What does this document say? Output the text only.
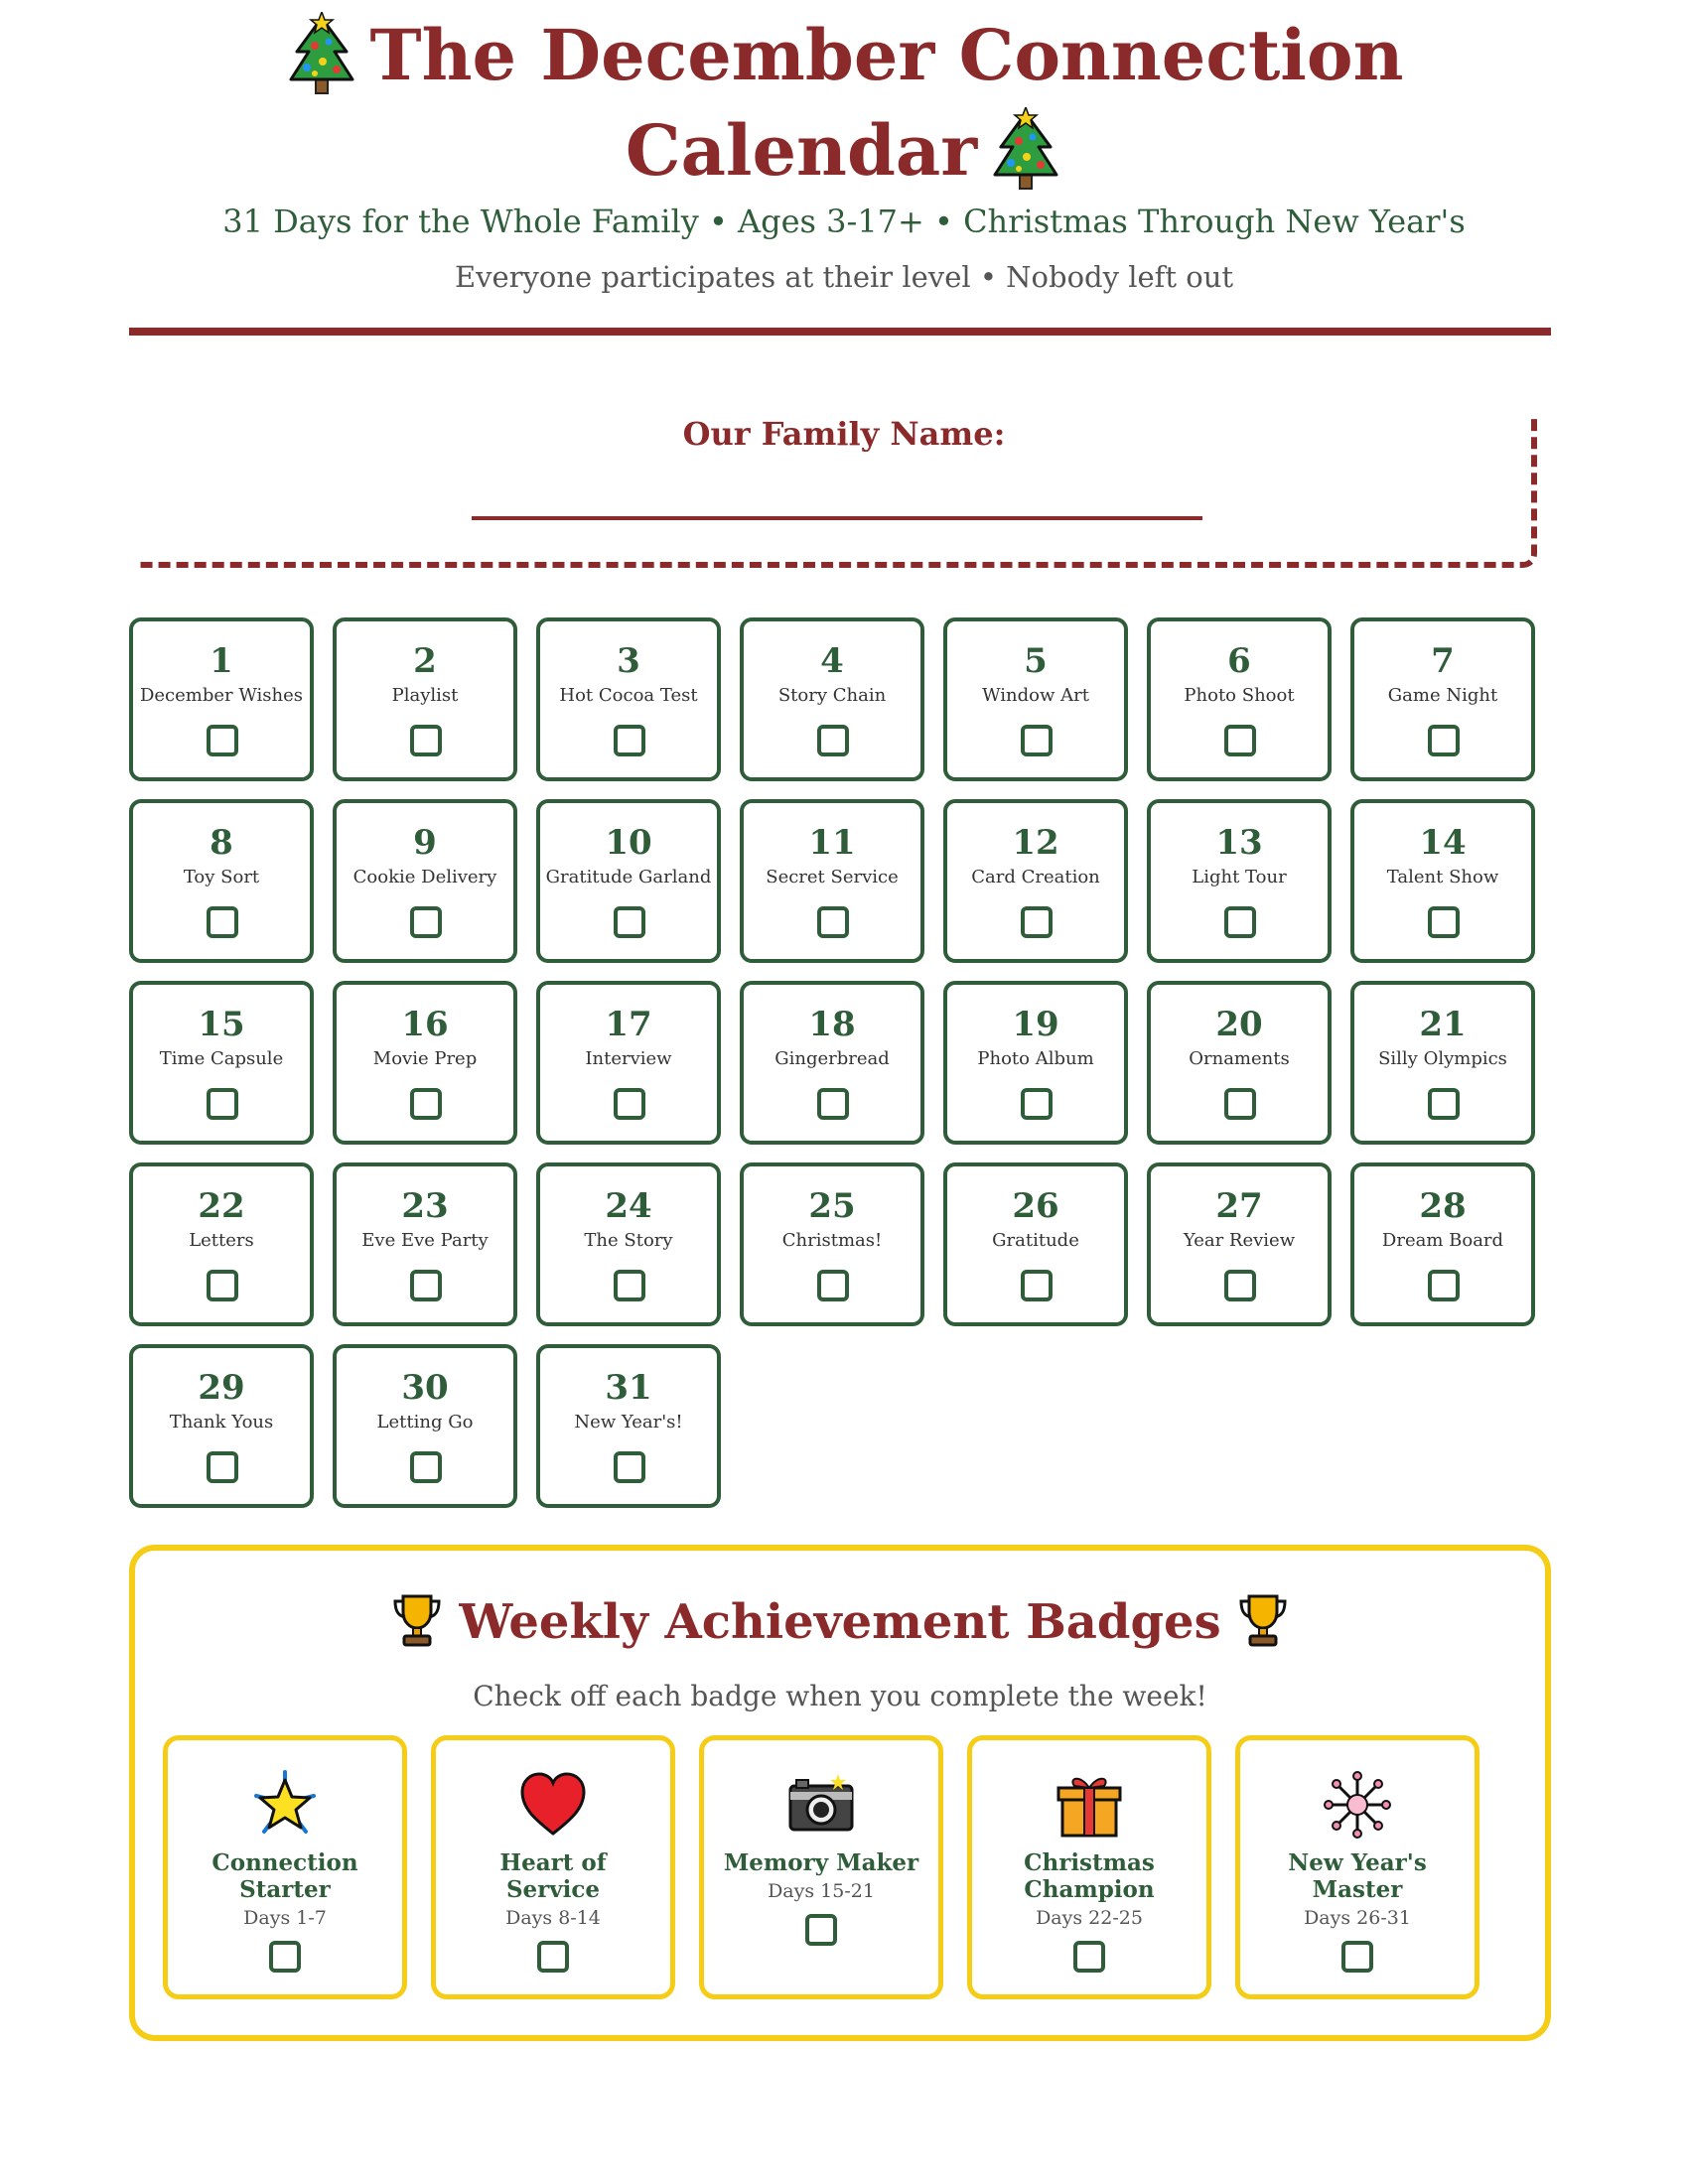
The December Connection
Calendar
31 Days for the Whole Family • Ages 3-17+ • Christmas Through New Year's
Everyone participates at their level • Nobody left out
Our Family Name:
1
December Wishes
2
Playlist
3
Hot Cocoa Test
4
Story Chain
5
Window Art
6
Photo Shoot
7
Game Night
8
Toy Sort
9
Cookie Delivery
10
Gratitude Garland
11
Secret Service
12
Card Creation
13
Light Tour
14
Talent Show
15
Time Capsule
16
Movie Prep
17
Interview
18
Gingerbread
19
Photo Album
20
Ornaments
21
Silly Olympics
22
Letters
23
Eve Eve Party
24
The Story
25
Christmas!
26
Gratitude
27
Year Review
28
Dream Board
29
Thank Yous
30
Letting Go
31
New Year's!
Weekly Achievement Badges
Check off each badge when you complete the week!
Connection Starter
Days 1-7
Heart of Service
Days 8-14
Memory Maker
Days 15-21
Christmas Champion
Days 22-25
New Year's Master
Days 26-31
